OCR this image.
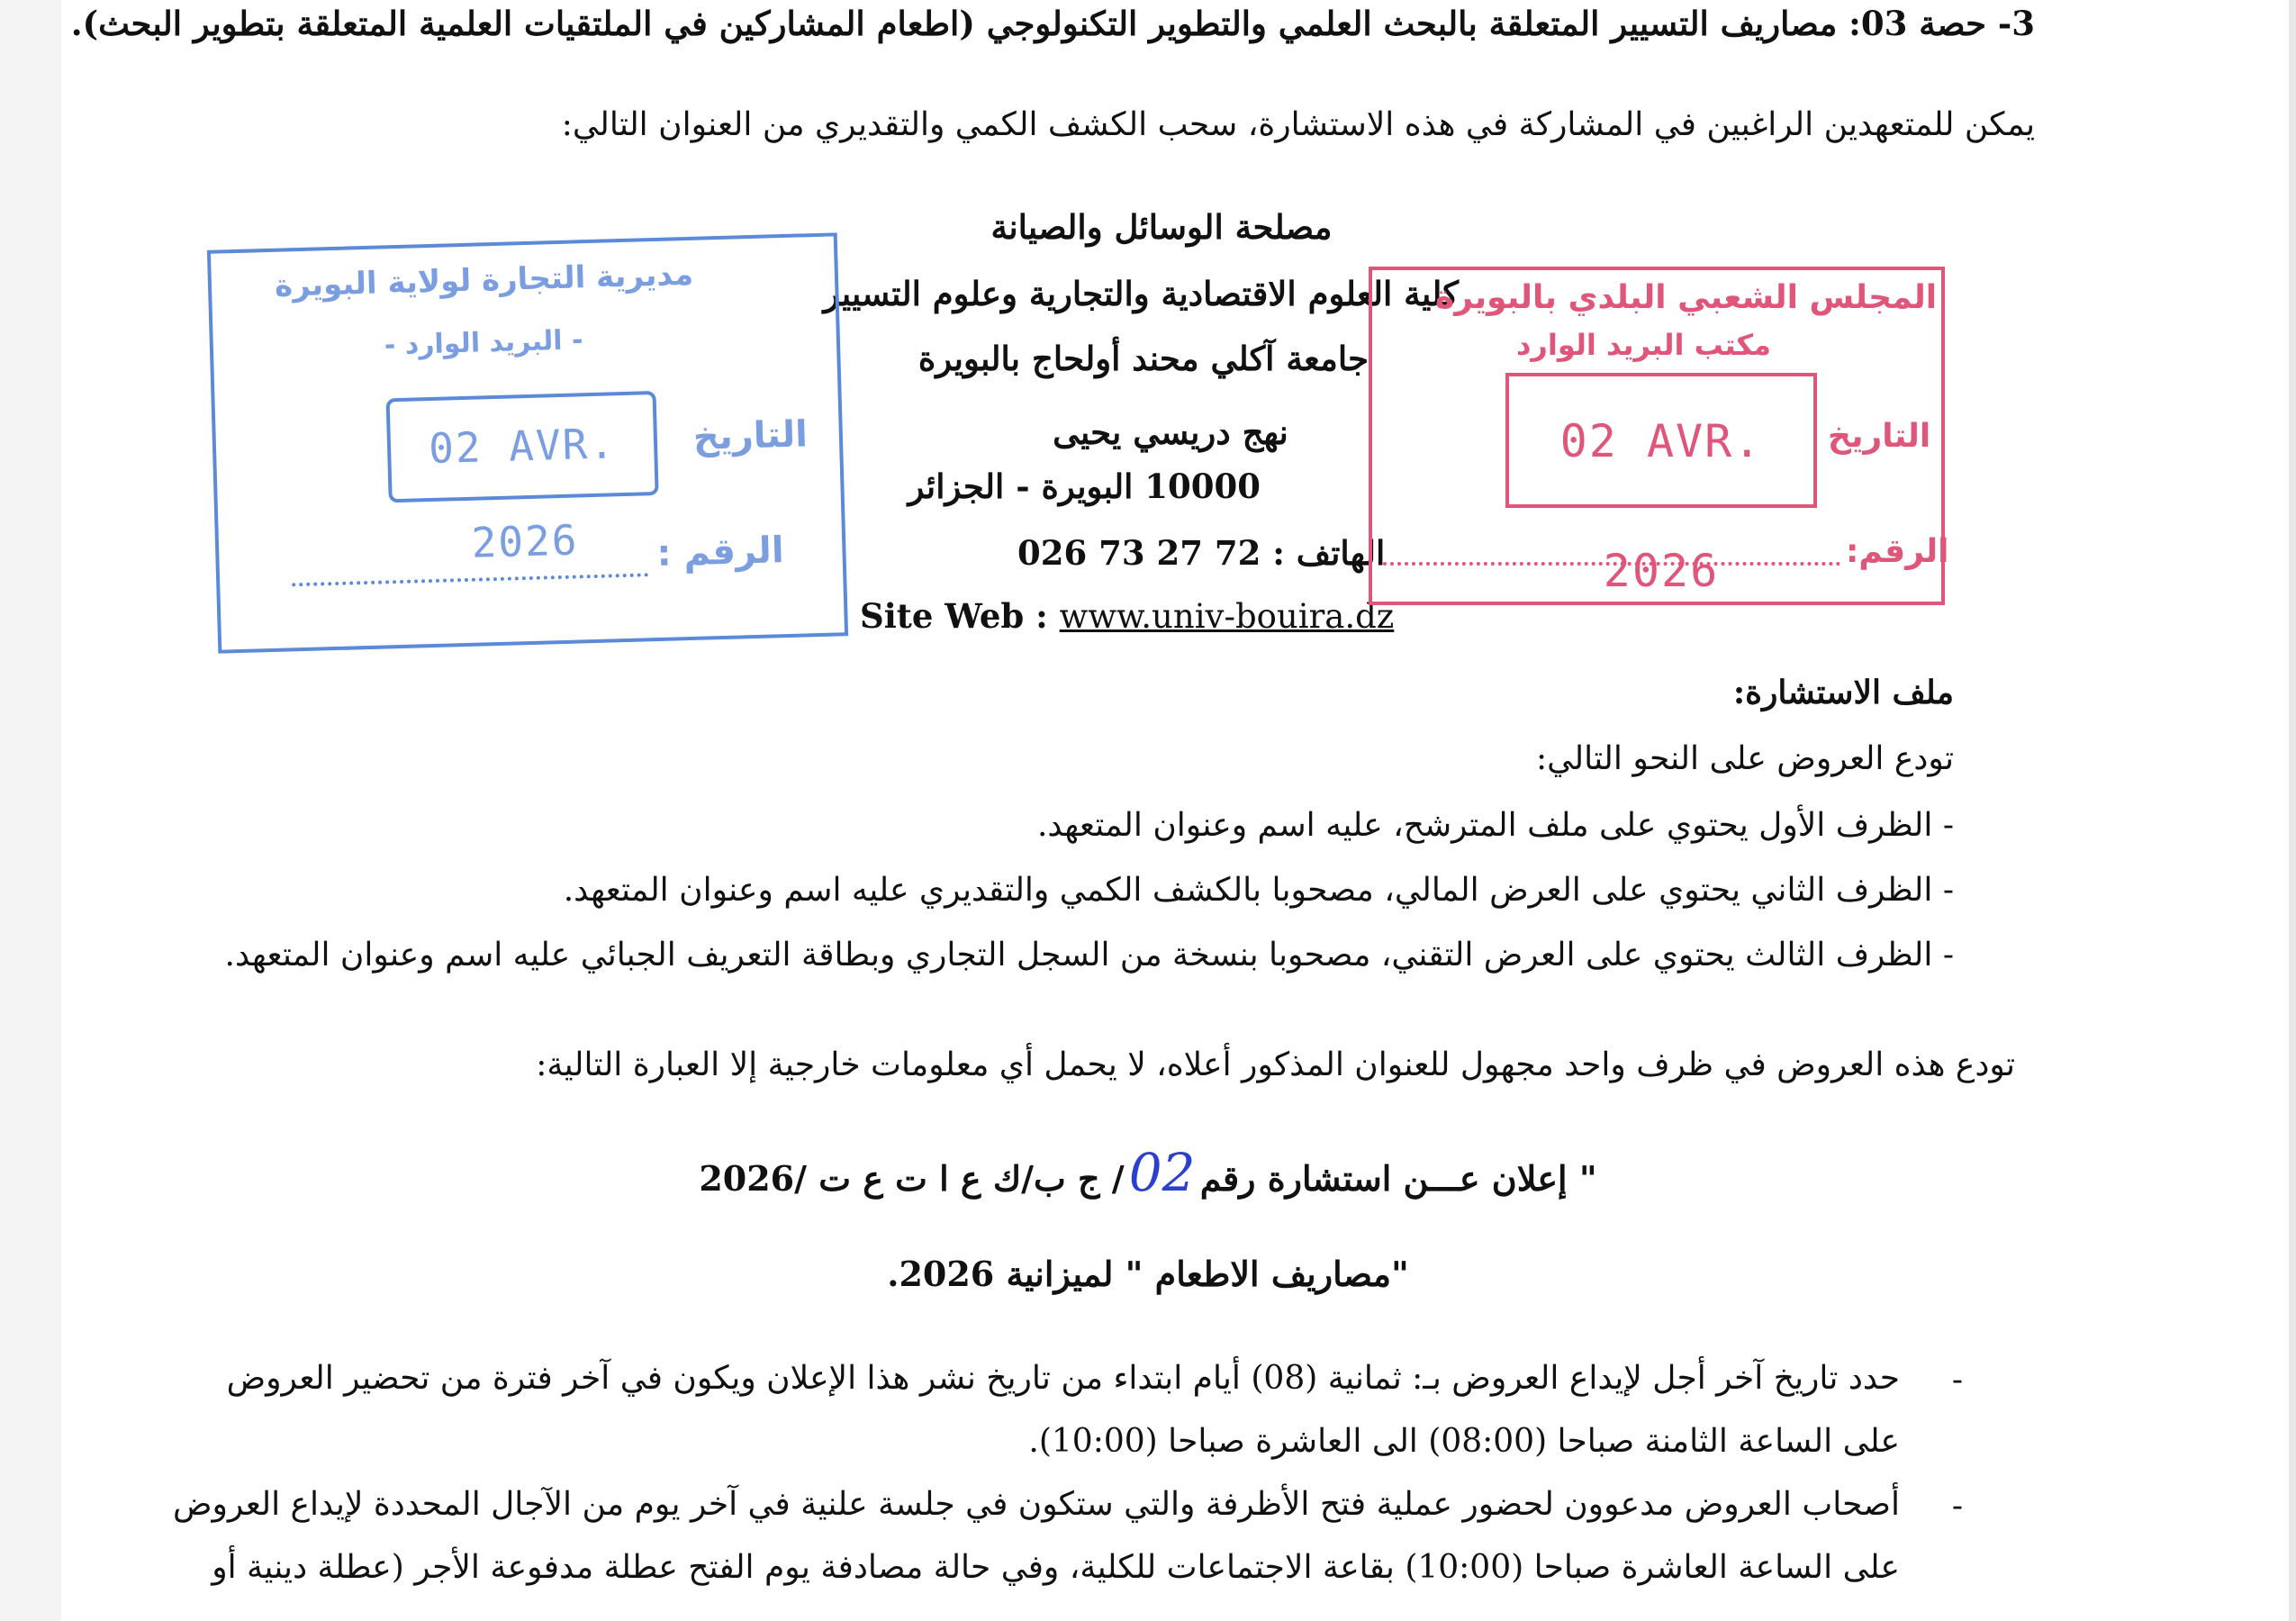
3- حصة 03: مصاريف التسيير المتعلقة بالبحث العلمي والتطوير التكنولوجي (اطعام المشاركين في الملتقيات العلمية المتعلقة بتطوير البحث).
يمكن للمتعهدين الراغبين في المشاركة في هذه الاستشارة، سحب الكشف الكمي والتقديري من العنوان التالي:
مصلحة الوسائل والصيانة
كلية العلوم الاقتصادية والتجارية وعلوم التسيير
جامعة آكلي محند أولحاج بالبويرة
نهج دريسي يحيى
10000 البويرة - الجزائر
026 73 27 72 الهاتف :
Site Web : www.univ-bouira.dz
مديرية التجارة لولاية البويرة
- البريد الوارد -
02 AVR. 2026
التاريخ
الرقم :
المجلس الشعبي البلدي بالبويرة
مكتب البريد الوارد
02 AVR. 2026
التاريخ
الرقم:
ملف الاستشارة:
تودع العروض على النحو التالي:
- الظرف الأول يحتوي على ملف المترشح، عليه اسم وعنوان المتعهد.
- الظرف الثاني يحتوي على العرض المالي، مصحوبا بالكشف الكمي والتقديري عليه اسم وعنوان المتعهد.
- الظرف الثالث يحتوي على العرض التقني، مصحوبا بنسخة من السجل التجاري وبطاقة التعريف الجبائي عليه اسم وعنوان المتعهد.
تودع هذه العروض في ظرف واحد مجهول للعنوان المذكور أعلاه، لا يحمل أي معلومات خارجية إلا العبارة التالية:
" إعلان عـــن استشارة رقم 02 / ج ب/ك ع ا ت ع ت /2026
"مصاريف الاطعام " لميزانية 2026.
-
حدد تاريخ آخر أجل لإيداع العروض بـ: ثمانية (08) أيام ابتداء من تاريخ نشر هذا الإعلان ويكون في آخر فترة من تحضير العروض
على الساعة الثامنة صباحا (08:00) الى العاشرة صباحا (10:00).
-
أصحاب العروض مدعوون لحضور عملية فتح الأظرفة والتي ستكون في جلسة علنية في آخر يوم من الآجال المحددة لإيداع العروض
على الساعة العاشرة صباحا (10:00) بقاعة الاجتماعات للكلية، وفي حالة مصادفة يوم الفتح عطلة مدفوعة الأجر (عطلة دينية أو
